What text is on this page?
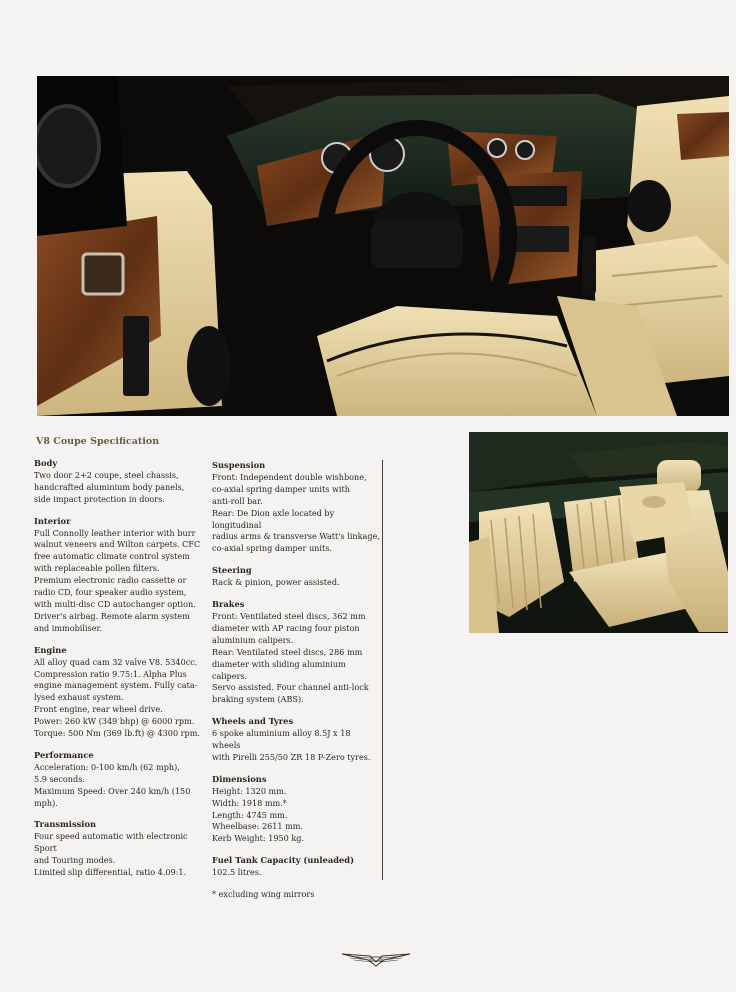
V8 Coupe Specification
Body

Two door 2+2 coupe, steel chassis,
handcrafted aluminium body panels,
side impact protection in doors.

Interior

Full Connolly leather interior with burr
walnut veneers and Wilton carpets. CFC
free automatic climate control system
with replaceable pollen filters.
Premium electronic radio cassette or
radio CD, four speaker audio system,
with multi-disc CD autochanger option.
Driver's airbag. Remote alarm system
and immobiliser.

Engine

All alloy quad cam 32 valve V8. 5340cc.
Compression ratio 9.75:1. Alpha Plus
engine management system. Fully cata-
lysed exhaust system.
Front engine, rear wheel drive.
Power: 260 kW (349 bhp) @ 6000 rpm.
Torque: 500 Nm (369 lb.ft) @ 4300 rpm.

Performance

Acceleration: 0-100 km/h (62 mph),
5.9 seconds.
Maximum Speed: Over 240 km/h (150 mph).

Transmission

Four speed automatic with electronic Sport
and Touring modes.
Limited slip differential, ratio 4.09:1.

Suspension

Front: Independent double wishbone,
co-axial spring damper units with
anti-roll bar.
Rear: De Dion axle located by longitudinal
radius arms & transverse Watt's linkage,
co-axial spring damper units.

Steering

Rack & pinion, power assisted.

Brakes

Front: Ventilated steel discs, 362 mm
diameter with AP racing four piston
aluminium calipers.
Rear: Ventilated steel discs, 286 mm
diameter with sliding aluminium calipers.
Servo assisted. Four channel anti-lock
braking system (ABS).

Wheels and Tyres

6 spoke aluminium alloy 8.5J x 18 wheels
with Pirelli 255/50 ZR 18 P-Zero tyres.

Dimensions

Height: 1320 mm.
Width: 1918 mm.*
Length: 4745 mm.
Wheelbase: 2611 mm.
Kerb Weight: 1950 kg.

Fuel Tank Capacity (unleaded)

102.5 litres.

* excluding wing mirrors
